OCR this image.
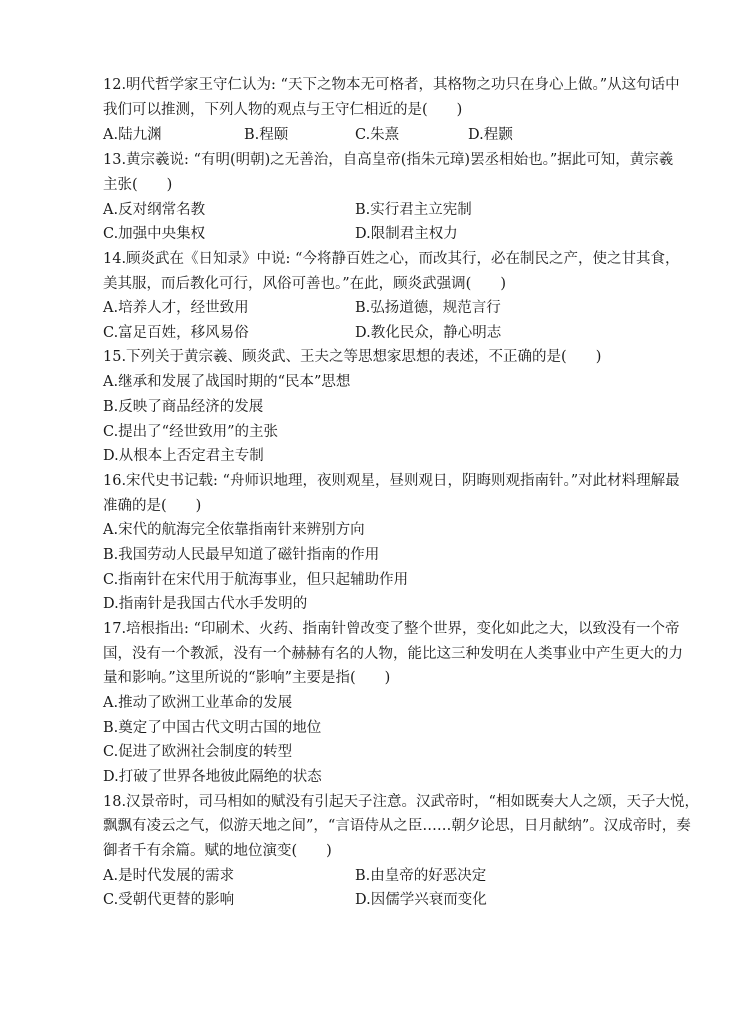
12.明代哲学家王守仁认为: “天下之物本无可格者，其格物之功只在身心上做。”从这句话中
我们可以推测，下列人物的观点与王守仁相近的是(　　)
A.陆九渊	B.程颐	C.朱熹	D.程颢
13.黄宗羲说: “有明(明朝)之无善治，自高皇帝(指朱元璋)罢丞相始也。”据此可知，黄宗羲
主张(　　)
A.反对纲常名教	B.实行君主立宪制
C.加强中央集权	D.限制君主权力
14.顾炎武在《日知录》中说: “今将静百姓之心，而改其行，必在制民之产，使之甘其食，
美其服，而后教化可行，风俗可善也。”在此，顾炎武强调(　　)
A.培养人才，经世致用	B.弘扬道德，规范言行
C.富足百姓，移风易俗	D.教化民众，静心明志
15.下列关于黄宗羲、顾炎武、王夫之等思想家思想的表述，不正确的是(　　)
A.继承和发展了战国时期的“民本”思想
B.反映了商品经济的发展
C.提出了“经世致用”的主张
D.从根本上否定君主专制
16.宋代史书记载: “舟师识地理，夜则观星，昼则观日，阴晦则观指南针。”对此材料理解最
准确的是(　　)
A.宋代的航海完全依靠指南针来辨别方向
B.我国劳动人民最早知道了磁针指南的作用
C.指南针在宋代用于航海事业，但只起辅助作用
D.指南针是我国古代水手发明的
17.培根指出: “印刷术、火药、指南针曾改变了整个世界，变化如此之大，以致没有一个帝
国，没有一个教派，没有一个赫赫有名的人物，能比这三种发明在人类事业中产生更大的力
量和影响。”这里所说的“影响”主要是指(　　)
A.推动了欧洲工业革命的发展
B.奠定了中国古代文明古国的地位
C.促进了欧洲社会制度的转型
D.打破了世界各地彼此隔绝的状态
18.汉景帝时，司马相如的赋没有引起天子注意。汉武帝时，“相如既奏大人之颂，天子大悦，
飘飘有凌云之气，似游天地之间”，“言语侍从之臣……朝夕论思，日月献纳”。汉成帝时，奏
御者千有余篇。赋的地位演变(　　)
A.是时代发展的需求	B.由皇帝的好恶决定
C.受朝代更替的影响	D.因儒学兴衰而变化
